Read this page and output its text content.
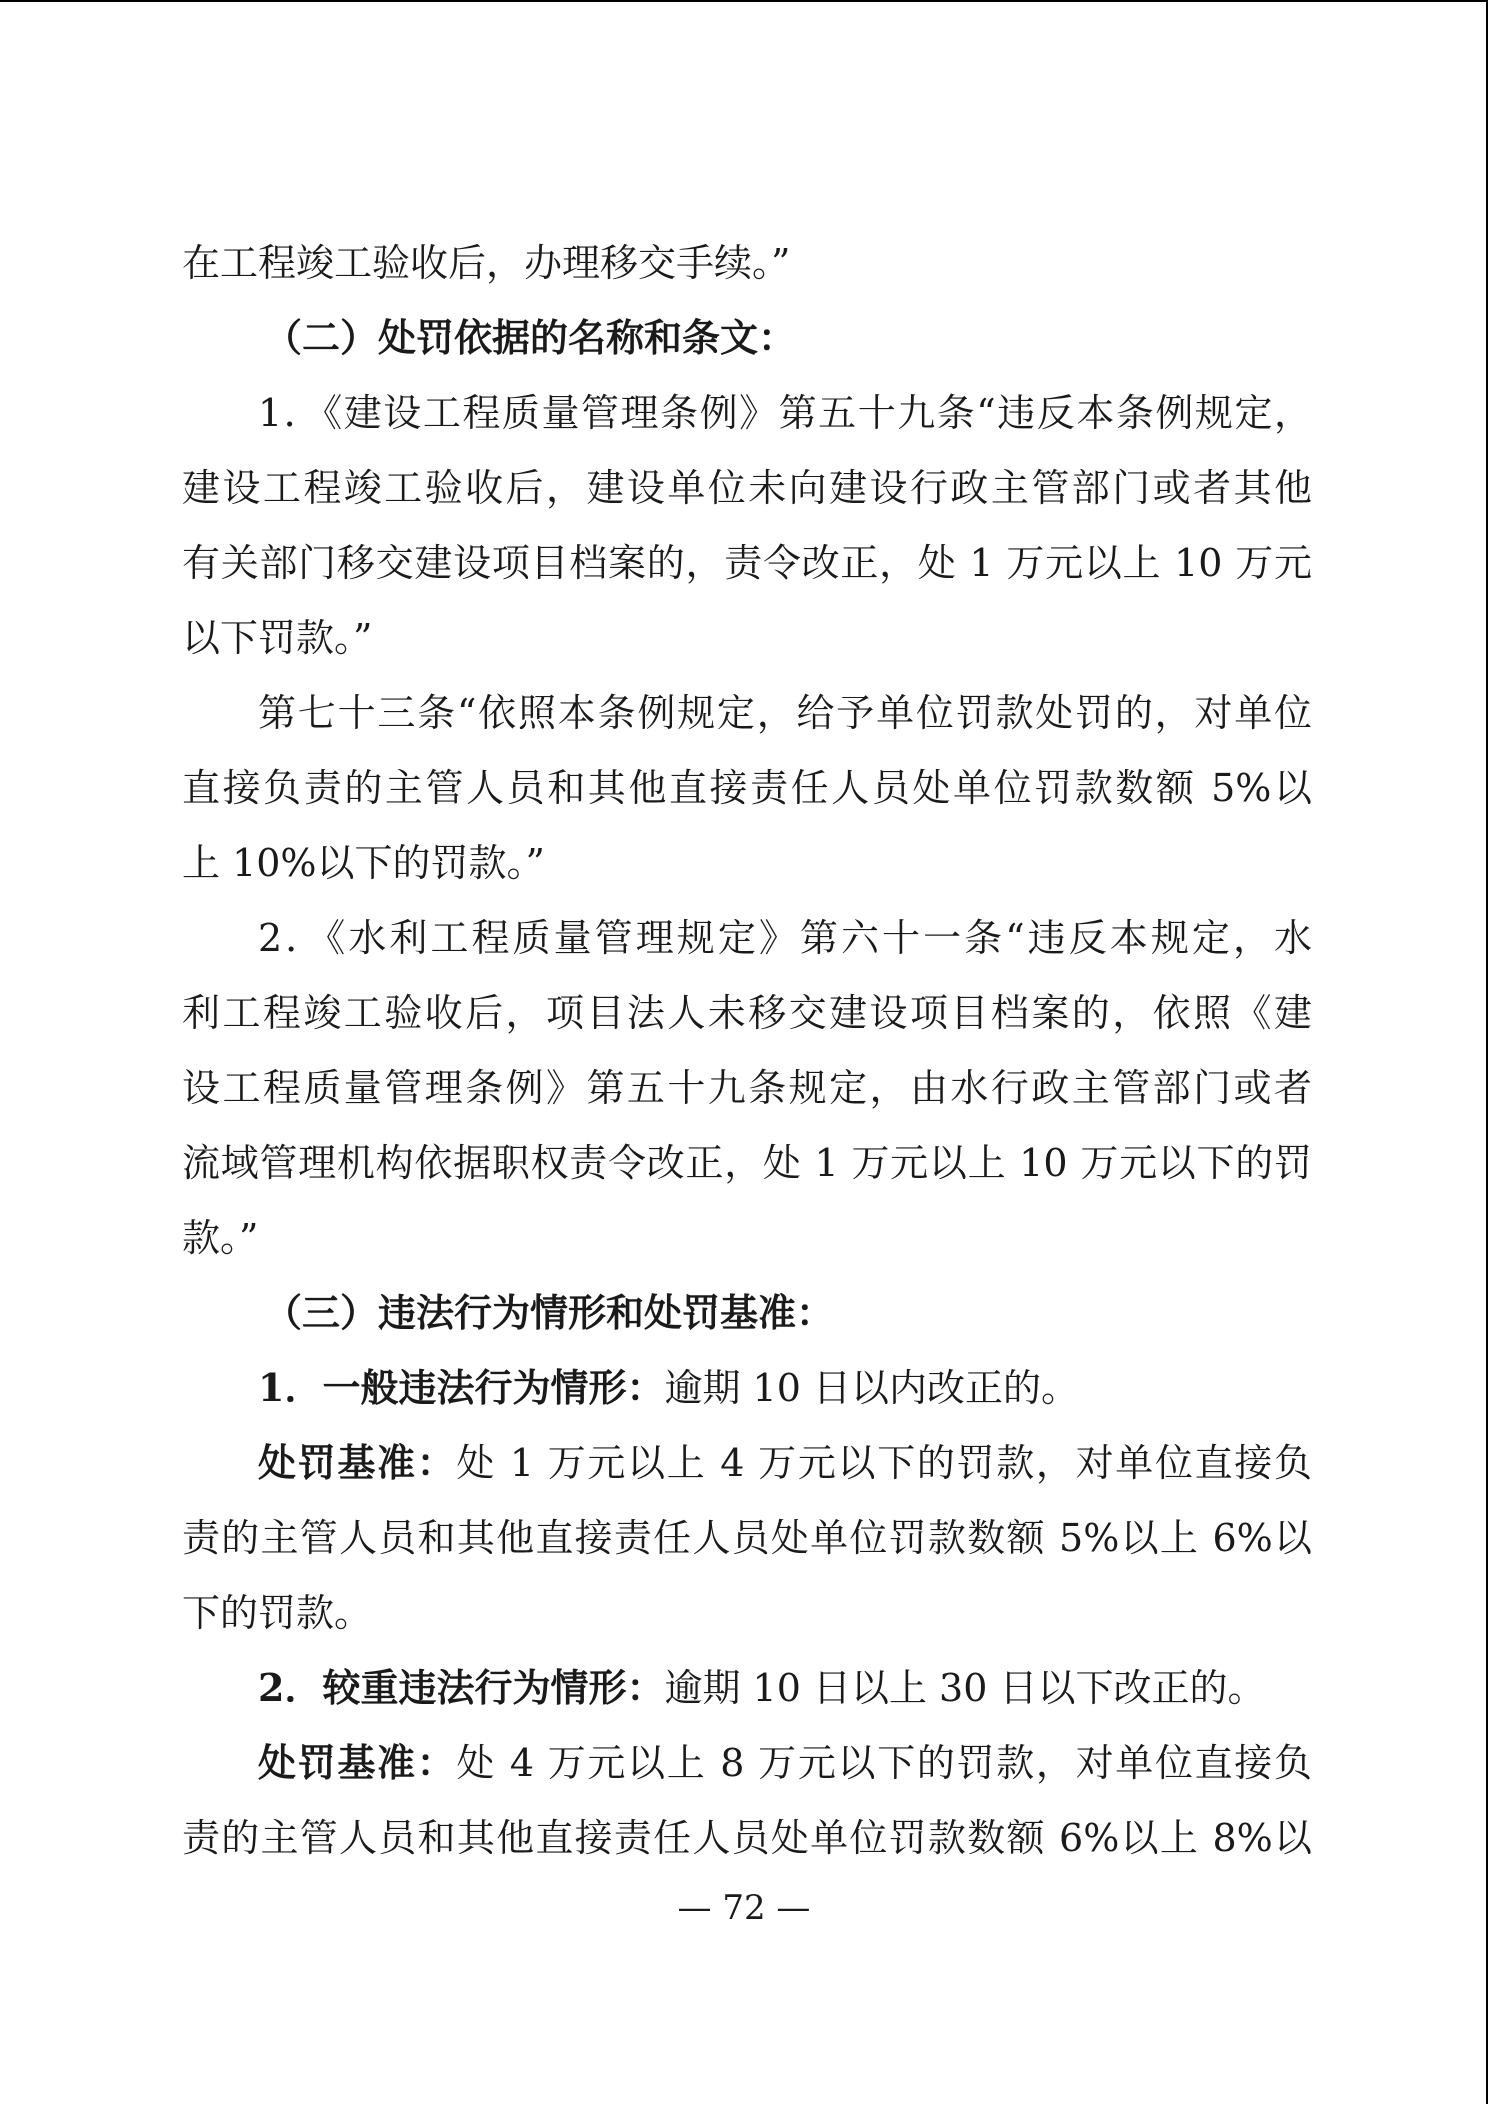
在工程竣工验收后，办理移交手续。”
（二）处罚依据的名称和条文：
1．《建设工程质量管理条例》第五十九条“违反本条例规定，
建设工程竣工验收后，建设单位未向建设行政主管部门或者其他
有关部门移交建设项目档案的，责令改正，处 1 万元以上 10 万元
以下罚款。”
第七十三条“依照本条例规定，给予单位罚款处罚的，对单位
直接负责的主管人员和其他直接责任人员处单位罚款数额 5%以
上 10%以下的罚款。”
2．《水利工程质量管理规定》第六十一条“违反本规定，水
利工程竣工验收后，项目法人未移交建设项目档案的，依照《建
设工程质量管理条例》第五十九条规定，由水行政主管部门或者
流域管理机构依据职权责令改正，处 1 万元以上 10 万元以下的罚
款。”
（三）违法行为情形和处罚基准：
1．一般违法行为情形：逾期 10 日以内改正的。
处罚基准：处 1 万元以上 4 万元以下的罚款，对单位直接负
责的主管人员和其他直接责任人员处单位罚款数额 5%以上 6%以
下的罚款。
2．较重违法行为情形：逾期 10 日以上 30 日以下改正的。
处罚基准：处 4 万元以上 8 万元以下的罚款，对单位直接负
责的主管人员和其他直接责任人员处单位罚款数额 6%以上 8%以
— 72 —
